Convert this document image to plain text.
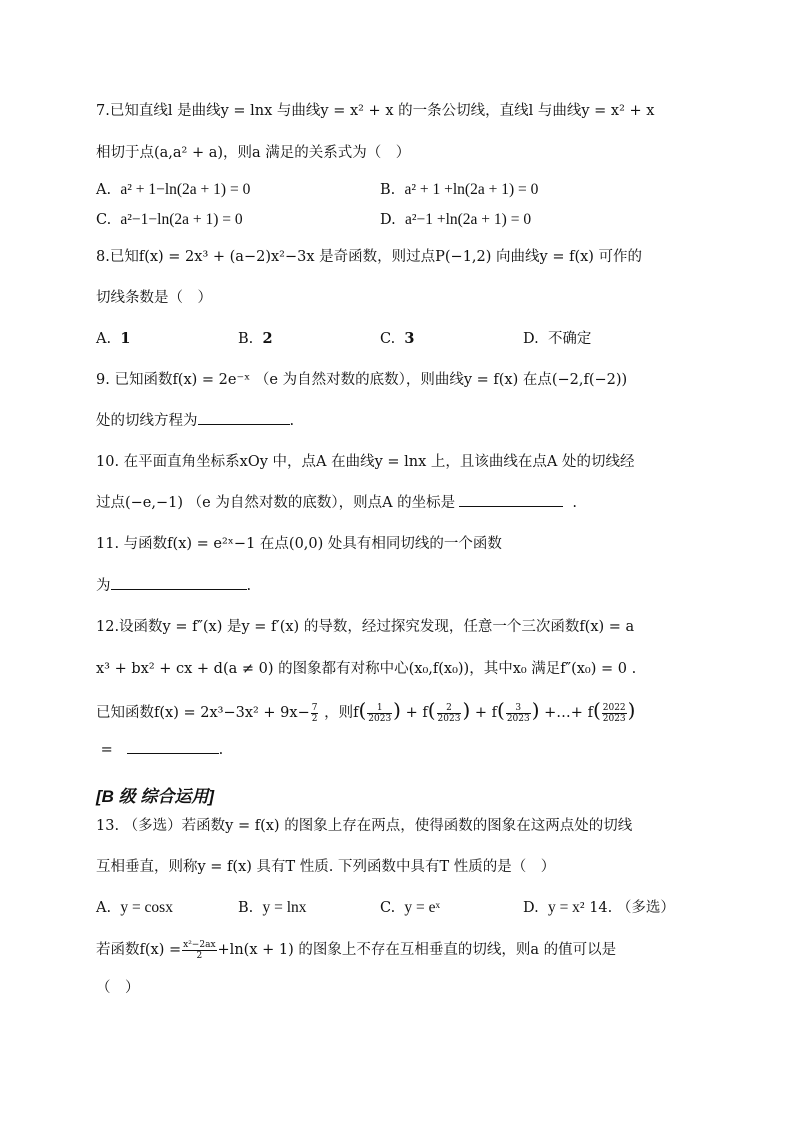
7.已知直线l 是曲线y = lnx 与曲线y = x² + x 的一条公切线，直线l 与曲线y = x² + x
相切于点(a,a² + a)，则a 满足的关系式为（　）
A. a² + 1−ln(2a + 1) = 0	B. a² + 1 +ln(2a + 1) = 0
C. a²−1−ln(2a + 1) = 0	D. a²−1 +ln(2a + 1) = 0
8.已知f(x) = 2x³ + (a−2)x²−3x 是奇函数，则过点P(−1,2) 向曲线y = f(x) 可作的
切线条数是（　）
A. 1	B. 2	C. 3	D. 不确定
9. 已知函数f(x) = 2e⁻ˣ （e 为自然对数的底数），则曲线y = f(x) 在点(−2,f(−2))
处的切线方程为	.
10. 在平面直角坐标系xOy 中，点A 在曲线y = lnx 上，且该曲线在点A 处的切线经
过点(−e,−1) （e 为自然对数的底数），则点A 的坐标是	.
11. 与函数f(x) = e²ˣ−1 在点(0,0) 处具有相同切线的一个函数
为	.
12.设函数y = f″(x) 是y = f′(x) 的导数，经过探究发现，任意一个三次函数f(x) = a
x³ + bx² + cx + d(a ≠ 0) 的图象都有对称中心(x₀,f(x₀))，其中x₀ 满足f″(x₀) = 0 .
已知函数$f(x) = 2x^3-3x^2 + 9x- \frac{7}{2}$ ，则$f( \frac{1}{2023}$ ) + $f( \frac{2}{2023}$ ) + $f( \frac{3}{2023}$ ) +…+ $f( \frac{2022}{2023}$ )
=	.
[B 级 综合运用]
13. （多选）若函数y = f(x) 的图象上存在两点，使得函数的图象在这两点处的切线
互相垂直，则称y = f(x) 具有T 性质. 下列函数中具有T 性质的是（　）
A. y = cosx	B. y = lnx	C. y = eˣ	D. y = x² 14. （多选）
若函数$f(x) = \frac{\text{x²−2ax}}{2} +\ln(x + 1)$ 的图象上不存在互相垂直的切线，则a 的值可以是
（　）
